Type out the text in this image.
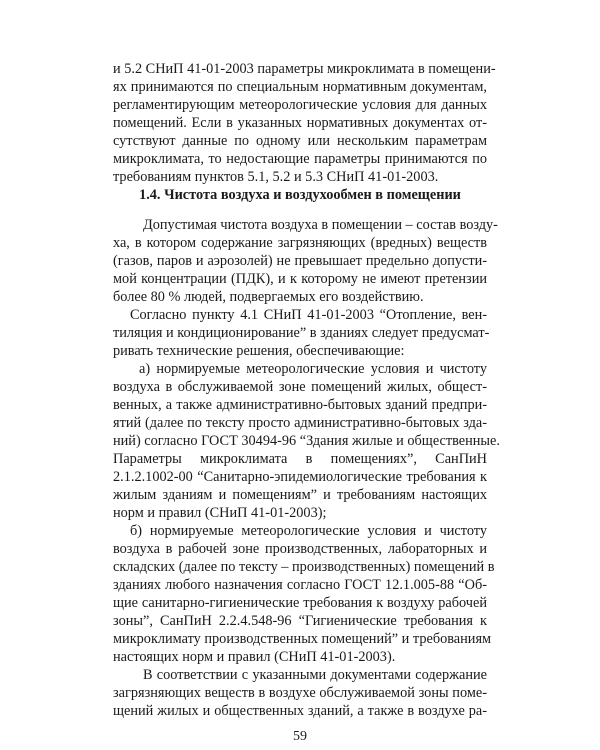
и 5.2 СНиП 41-01-2003 параметры микроклимата в помещени-
ях принимаются по специальным нормативным документам,
регламентирующим метеорологические условия для данных
помещений. Если в указанных нормативных документах от-
сутствуют данные по одному или нескольким параметрам
микроклимата, то недостающие параметры принимаются по
требованиям пунктов 5.1, 5.2 и 5.3 СНиП 41-01-2003.
1.4. Чистота воздуха и воздухообмен в помещении
Допустимая чистота воздуха в помещении – состав возду-
ха, в котором содержание загрязняющих (вредных) веществ
(газов, паров и аэрозолей) не превышает предельно допусти-
мой концентрации (ПДК), и к которому не имеют претензии
более 80 % людей, подвергаемых его воздействию.
Согласно пункту 4.1 СНиП 41-01-2003 “Отопление, вен-
тиляция и кондиционирование” в зданиях следует предусмат-
ривать технические решения, обеспечивающие:
а) нормируемые метеорологические условия и чистоту
воздуха в обслуживаемой зоне помещений жилых, общест-
венных, а также административно-бытовых зданий предпри-
ятий (далее по тексту просто административно-бытовых зда-
ний) согласно ГОСТ 30494-96 “Здания жилые и общественные.
Параметры микроклимата в помещениях”, СанПиН
2.1.2.1002-00 “Санитарно-эпидемиологические требования к
жилым зданиям и помещениям” и требованиям настоящих
норм и правил (СНиП 41-01-2003);
б) нормируемые метеорологические условия и чистоту
воздуха в рабочей зоне производственных, лабораторных и
складских (далее по тексту – производственных) помещений в
зданиях любого назначения согласно ГОСТ 12.1.005-88 “Об-
щие санитарно-гигиенические требования к воздуху рабочей
зоны”, СанПиН 2.2.4.548-96 “Гигиенические требования к
микроклимату производственных помещений” и требованиям
настоящих норм и правил (СНиП 41-01-2003).
В соответствии с указанными документами содержание
загрязняющих веществ в воздухе обслуживаемой зоны поме-
щений жилых и общественных зданий, а также в воздухе ра-
59
